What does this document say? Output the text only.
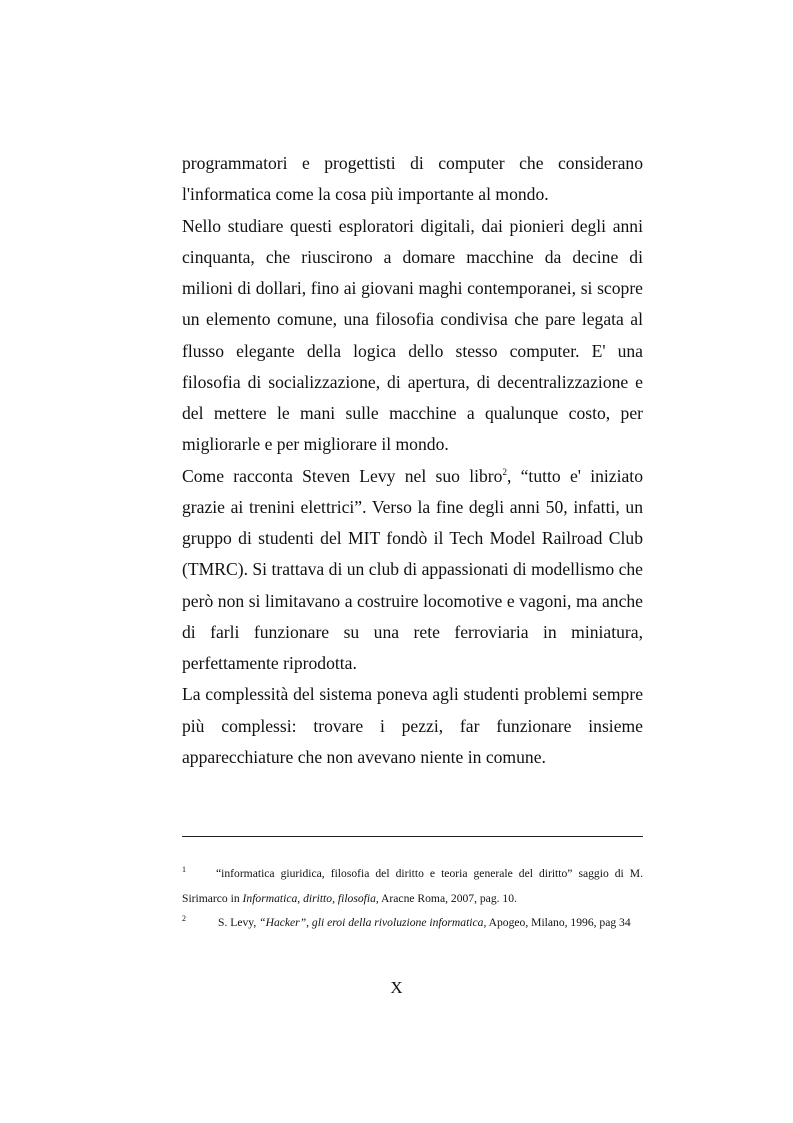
programmatori e progettisti di computer che considerano l'informatica come la cosa più importante al mondo.

Nello studiare questi esploratori digitali, dai pionieri degli anni cinquanta, che riuscirono a domare macchine da decine di milioni di dollari, fino ai giovani maghi contemporanei, si scopre un elemento comune, una filosofia condivisa che pare legata al flusso elegante della logica dello stesso computer. E' una filosofia di socializzazione, di apertura, di decentralizzazione e del mettere le mani sulle macchine a qualunque costo, per migliorarle e per migliorare il mondo.

Come racconta Steven Levy nel suo libro$^2$, “tutto e' iniziato grazie ai trenini elettrici”. Verso la fine degli anni 50, infatti, un gruppo di studenti del MIT fondò il Tech Model Railroad Club (TMRC). Si trattava di un club di appassionati di modellismo che però non si limitavano a costruire locomotive e vagoni, ma anche di farli funzionare su una rete ferroviaria in miniatura, perfettamente riprodotta.

La complessità del sistema poneva agli studenti problemi sempre più complessi: trovare i pezzi, far funzionare insieme apparecchiature che non avevano niente in comune.

1	“informatica giuridica, filosofia del diritto e teoria generale del diritto” saggio di M. Sirimarco in Informatica, diritto, filosofia, Aracne Roma, 2007, pag. 10.

2	S. Levy, “Hacker”, gli eroi della rivoluzione informatica, Apogeo, Milano, 1996, pag 34

X
